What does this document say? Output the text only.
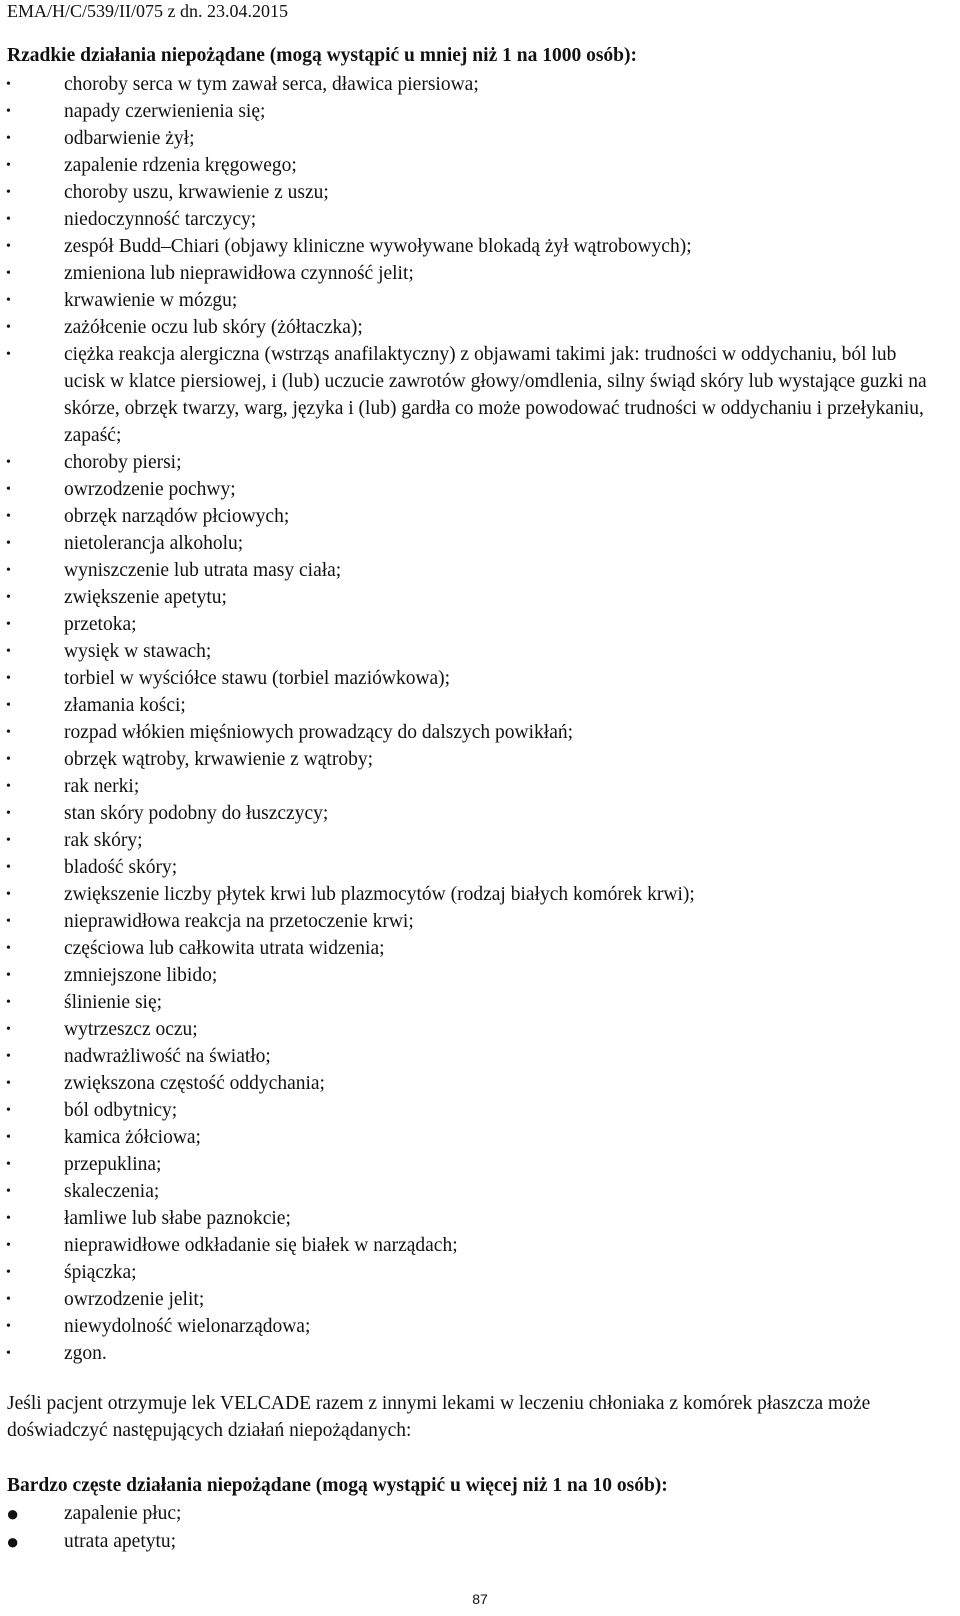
EMA/H/C/539/II/075 z dn. 23.04.2015
Rzadkie działania niepożądane (mogą wystąpić u mniej niż 1 na 1000 osób):
•	choroby serca w tym zawał serca, dławica piersiowa;
•	napady czerwienienia się;
•	odbarwienie żył;
•	zapalenie rdzenia kręgowego;
•	choroby uszu, krwawienie z uszu;
•	niedoczynność tarczycy;
•	zespół Budd–Chiari (objawy kliniczne wywoływane blokadą żył wątrobowych);
•	zmieniona lub nieprawidłowa czynność jelit;
•	krwawienie w mózgu;
•	zażółcenie oczu lub skóry (żółtaczka);
•	ciężka reakcja alergiczna (wstrząs anafilaktyczny) z objawami takimi jak: trudności w oddychaniu, ból lub ucisk w klatce piersiowej, i (lub) uczucie zawrotów głowy/omdlenia, silny świąd skóry lub wystające guzki na skórze, obrzęk twarzy, warg, języka i (lub) gardła co może powodować trudności w oddychaniu i przełykaniu, zapaść;
•	choroby piersi;
•	owrzodzenie pochwy;
•	obrzęk narządów płciowych;
•	nietolerancja alkoholu;
•	wyniszczenie lub utrata masy ciała;
•	zwiększenie apetytu;
•	przetoka;
•	wysięk w stawach;
•	torbiel w wyściółce stawu (torbiel maziówkowa);
•	złamania kości;
•	rozpad włókien mięśniowych prowadzący do dalszych powikłań;
•	obrzęk wątroby, krwawienie z wątroby;
•	rak nerki;
•	stan skóry podobny do łuszczycy;
•	rak skóry;
•	bladość skóry;
•	zwiększenie liczby płytek krwi lub plazmocytów (rodzaj białych komórek krwi);
•	nieprawidłowa reakcja na przetoczenie krwi;
•	częściowa lub całkowita utrata widzenia;
•	zmniejszone libido;
•	ślinienie się;
•	wytrzeszcz oczu;
•	nadwrażliwość na światło;
•	zwiększona częstość oddychania;
•	ból odbytnicy;
•	kamica żółciowa;
•	przepuklina;
•	skaleczenia;
•	łamliwe lub słabe paznokcie;
•	nieprawidłowe odkładanie się białek w narządach;
•	śpiączka;
•	owrzodzenie jelit;
•	niewydolność wielonarządowa;
•	zgon.

Jeśli pacjent otrzymuje lek VELCADE razem z innymi lekami w leczeniu chłoniaka z komórek płaszcza może doświadczyć następujących działań niepożądanych:

Bardzo częste działania niepożądane (mogą wystąpić u więcej niż 1 na 10 osób):
● zapalenie płuc;
● utrata apetytu;
87
